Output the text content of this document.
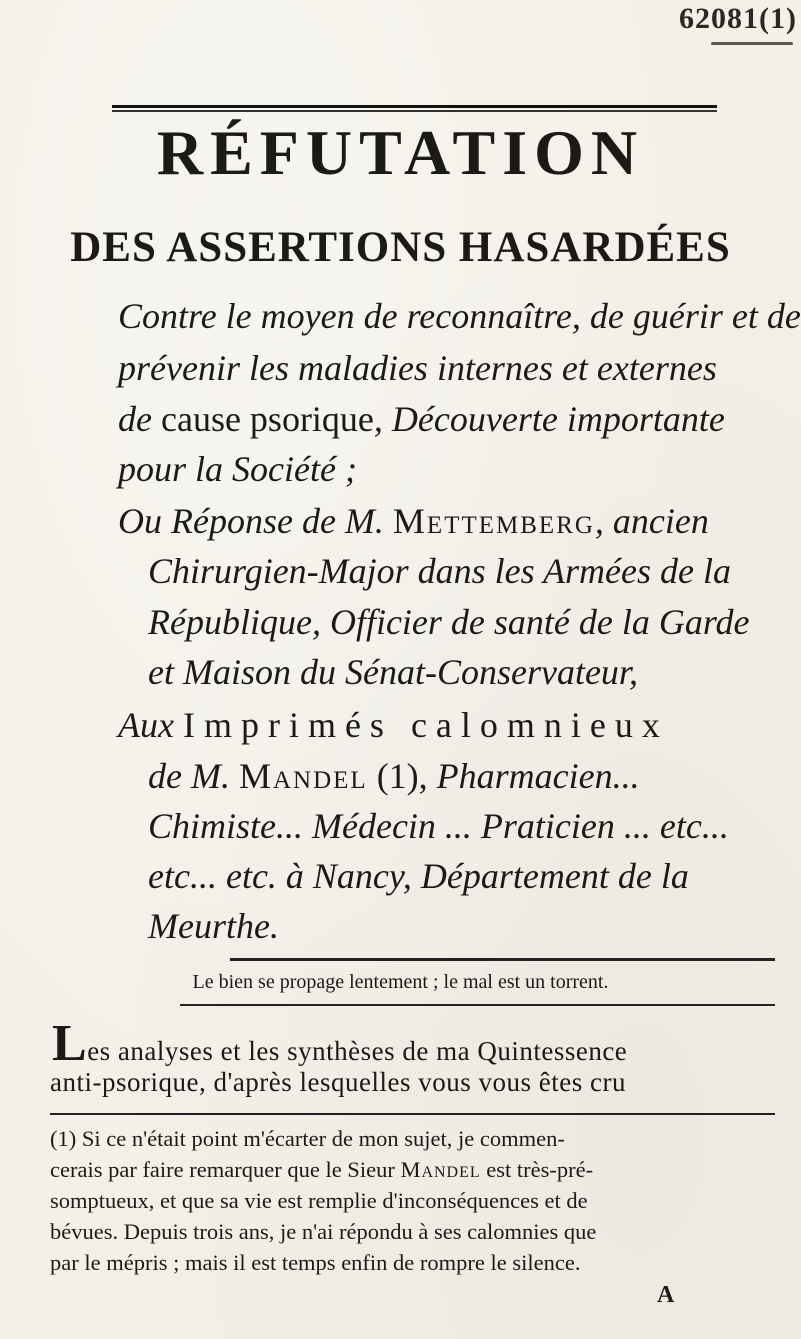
62081(1)
RÉFUTATION
DES ASSERTIONS HASARDÉES
Contre le moyen de reconnaître, de guérir et de
prévenir les maladies internes et externes
de cause psorique, Découverte importante
pour la Société ;
Ou Réponse de M. Mettemberg, ancien
Chirurgien-Major dans les Armées de la
République, Officier de santé de la Garde
et Maison du Sénat-Conservateur,
Aux Imprimés calomnieux
de M. Mandel (1), Pharmacien...
Chimiste... Médecin ... Praticien ... etc...
etc... etc. à Nancy, Département de la
Meurthe.
Le bien se propage lentement ; le mal est un torrent.
Les analyses et les synthèses de ma Quintessence
anti-psorique, d'après lesquelles vous vous êtes cru
(1) Si ce n'était point m'écarter de mon sujet, je commen-
cerais par faire remarquer que le Sieur Mandel est très-pré-
somptueux, et que sa vie est remplie d'inconséquences et de
bévues. Depuis trois ans, je n'ai répondu à ses calomnies que
par le mépris ; mais il est temps enfin de rompre le silence.
A
